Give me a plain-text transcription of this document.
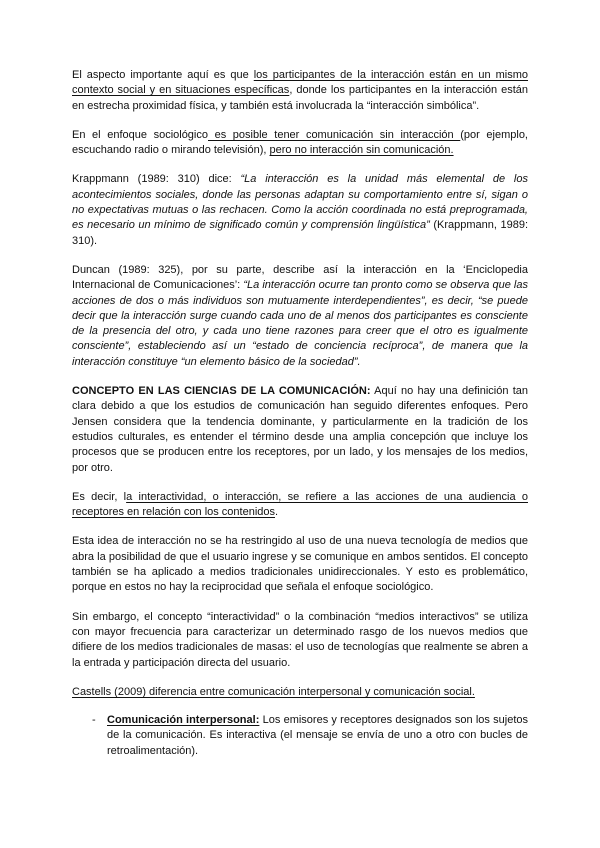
El aspecto importante aquí es que los participantes de la interacción están en un mismo contexto social y en situaciones específicas, donde los participantes en la interacción están en estrecha proximidad física, y también está involucrada la “interacción simbólica”.

En el enfoque sociológico es posible tener comunicación sin interacción (por ejemplo, escuchando radio o mirando televisión), pero no interacción sin comunicación.

Krappmann (1989: 310) dice: “La interacción es la unidad más elemental de los acontecimientos sociales, donde las personas adaptan su comportamiento entre sí, sigan o no expectativas mutuas o las rechacen. Como la acción coordinada no está preprogramada, es necesario un mínimo de significado común y comprensión lingüística” (Krappmann, 1989: 310).

Duncan (1989: 325), por su parte, describe así la interacción en la ‘Enciclopedia Internacional de Comunicaciones’: “La interacción ocurre tan pronto como se observa que las acciones de dos o más individuos son mutuamente interdependientes”, es decir, “se puede decir que la interacción surge cuando cada uno de al menos dos participantes es consciente de la presencia del otro, y cada uno tiene razones para creer que el otro es igualmente consciente”, estableciendo así un “estado de conciencia recíproca”, de manera que la interacción constituye “un elemento básico de la sociedad”.

CONCEPTO EN LAS CIENCIAS DE LA COMUNICACIÓN: Aquí no hay una definición tan clara debido a que los estudios de comunicación han seguido diferentes enfoques. Pero Jensen considera que la tendencia dominante, y particularmente en la tradición de los estudios culturales, es entender el término desde una amplia concepción que incluye los procesos que se producen entre los receptores, por un lado, y los mensajes de los medios, por otro.

Es decir, la interactividad, o interacción, se refiere a las acciones de una audiencia o receptores en relación con los contenidos.

Esta idea de interacción no se ha restringido al uso de una nueva tecnología de medios que abra la posibilidad de que el usuario ingrese y se comunique en ambos sentidos. El concepto también se ha aplicado a medios tradicionales unidireccionales. Y esto es problemático, porque en estos no hay la reciprocidad que señala el enfoque sociológico.

Sin embargo, el concepto “interactividad” o la combinación “medios interactivos” se utiliza con mayor frecuencia para caracterizar un determinado rasgo de los nuevos medios que difiere de los medios tradicionales de masas: el uso de tecnologías que realmente se abren a la entrada y participación directa del usuario.

Castells (2009) diferencia entre comunicación interpersonal y comunicación social.

- Comunicación interpersonal: Los emisores y receptores designados son los sujetos de la comunicación. Es interactiva (el mensaje se envía de uno a otro con bucles de retroalimentación).
